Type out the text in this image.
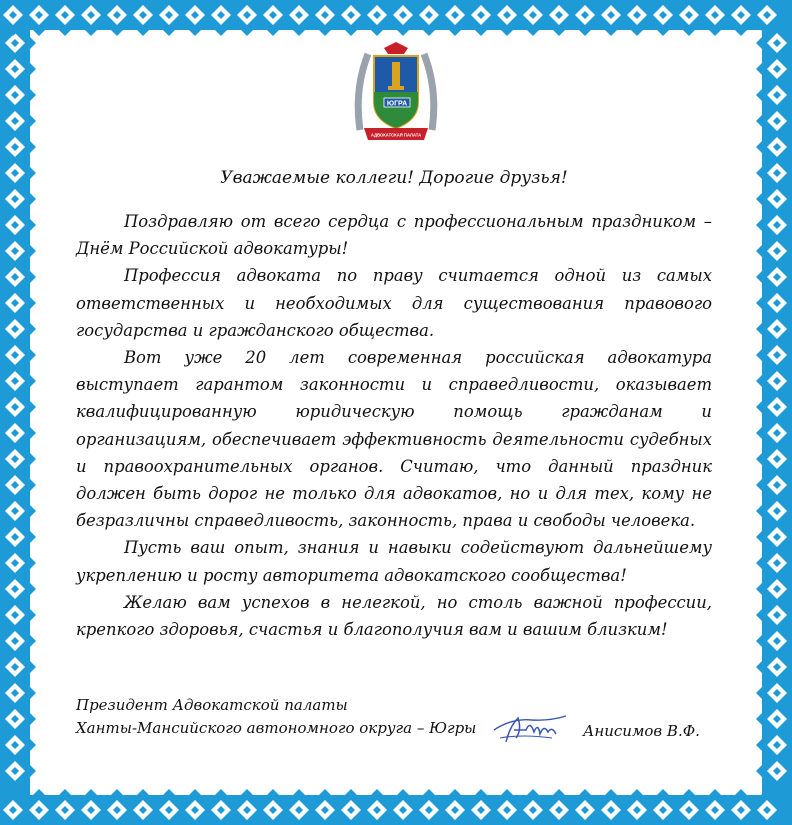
ЮГРА
АДВОКАТСКАЯ ПАЛАТА
Уважаемые коллеги! Дорогие друзья!

Поздравляю от всего сердца с профессиональным праздником – Днём Российской адвокатуры!

Профессия адвоката по праву считается одной из самых ответственных и необходимых для существования правового государства и гражданского общества.

Вот уже 20 лет современная российская адвокатура выступает гарантом законности и справедливости, оказывает квалифицированную юридическую помощь гражданам и организациям, обеспечивает эффективность деятельности судебных и правоохранительных органов. Считаю, что данный праздник должен быть дорог не только для адвокатов, но и для тех, кому не безразличны справедливость, законность, права и свободы человека.

Пусть ваш опыт, знания и навыки содействуют дальнейшему укреплению и росту авторитета адвокатского сообщества!

Желаю вам успехов в нелегкой, но столь важной профессии, крепкого здоровья, счастья и благополучия вам и вашим близким!

Президент Адвокатской палаты
Ханты-Мансийского автономного округа – Югры	Анисимов В.Ф.
